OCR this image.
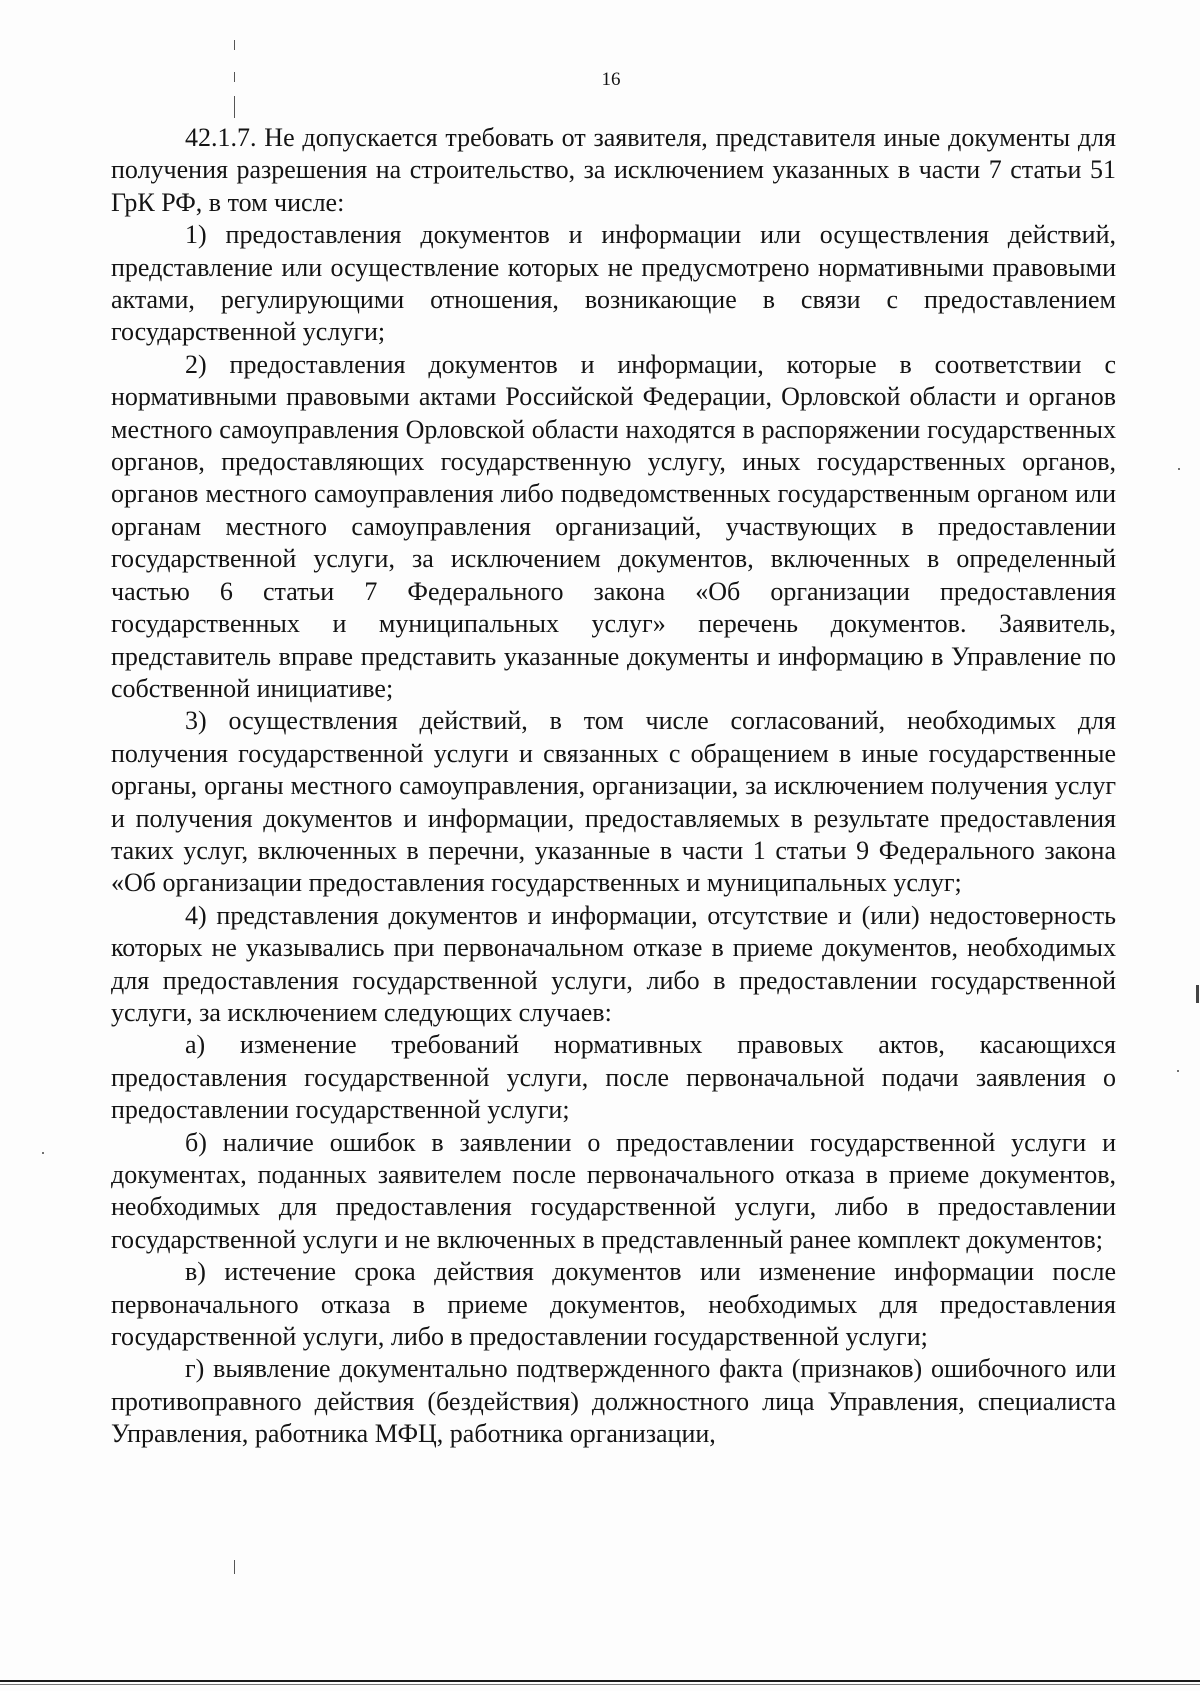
16

42.1.7. Не допускается требовать от заявителя, представителя иные документы для получения разрешения на строительство, за исключением указанных в части 7 статьи 51 ГрК РФ, в том числе:

1) предоставления документов и информации или осуществления действий, представление или осуществление которых не предусмотрено нормативными правовыми актами, регулирующими отношения, возникающие в связи с предоставлением государственной услуги;

2) предоставления документов и информации, которые в соответствии с нормативными правовыми актами Российской Федерации, Орловской области и органов местного самоуправления Орловской области находятся в распоряжении государственных органов, предоставляющих государственную услугу, иных государственных органов, органов местного самоуправления либо подведомственных государственным органом или органам местного самоуправления организаций, участвующих в предоставлении государственной услуги, за исключением документов, включенных в определенный частью 6 статьи 7 Федерального закона «Об организации предоставления государственных и муниципальных услуг» перечень документов. Заявитель, представитель вправе представить указанные документы и информацию в Управление по собственной инициативе;

3) осуществления действий, в том числе согласований, необходимых для получения государственной услуги и связанных с обращением в иные государственные органы, органы местного самоуправления, организации, за исключением получения услуг и получения документов и информации, предоставляемых в результате предоставления таких услуг, включенных в перечни, указанные в части 1 статьи 9 Федерального закона «Об организации предоставления государственных и муниципальных услуг;

4) представления документов и информации, отсутствие и (или) недостоверность которых не указывались при первоначальном отказе в приеме документов, необходимых для предоставления государственной услуги, либо в предоставлении государственной услуги, за исключением следующих случаев:

а) изменение требований нормативных правовых актов, касающихся предоставления государственной услуги, после первоначальной подачи заявления о предоставлении государственной услуги;

б) наличие ошибок в заявлении о предоставлении государственной услуги и документах, поданных заявителем после первоначального отказа в приеме документов, необходимых для предоставления государственной услуги, либо в предоставлении государственной услуги и не включенных в представленный ранее комплект документов;

в) истечение срока действия документов или изменение информации после первоначального отказа в приеме документов, необходимых для предоставления государственной услуги, либо в предоставлении государственной услуги;

г) выявление документально подтвержденного факта (признаков) ошибочного или противоправного действия (бездействия) должностного лица Управления, специалиста Управления, работника МФЦ, работника организации,
